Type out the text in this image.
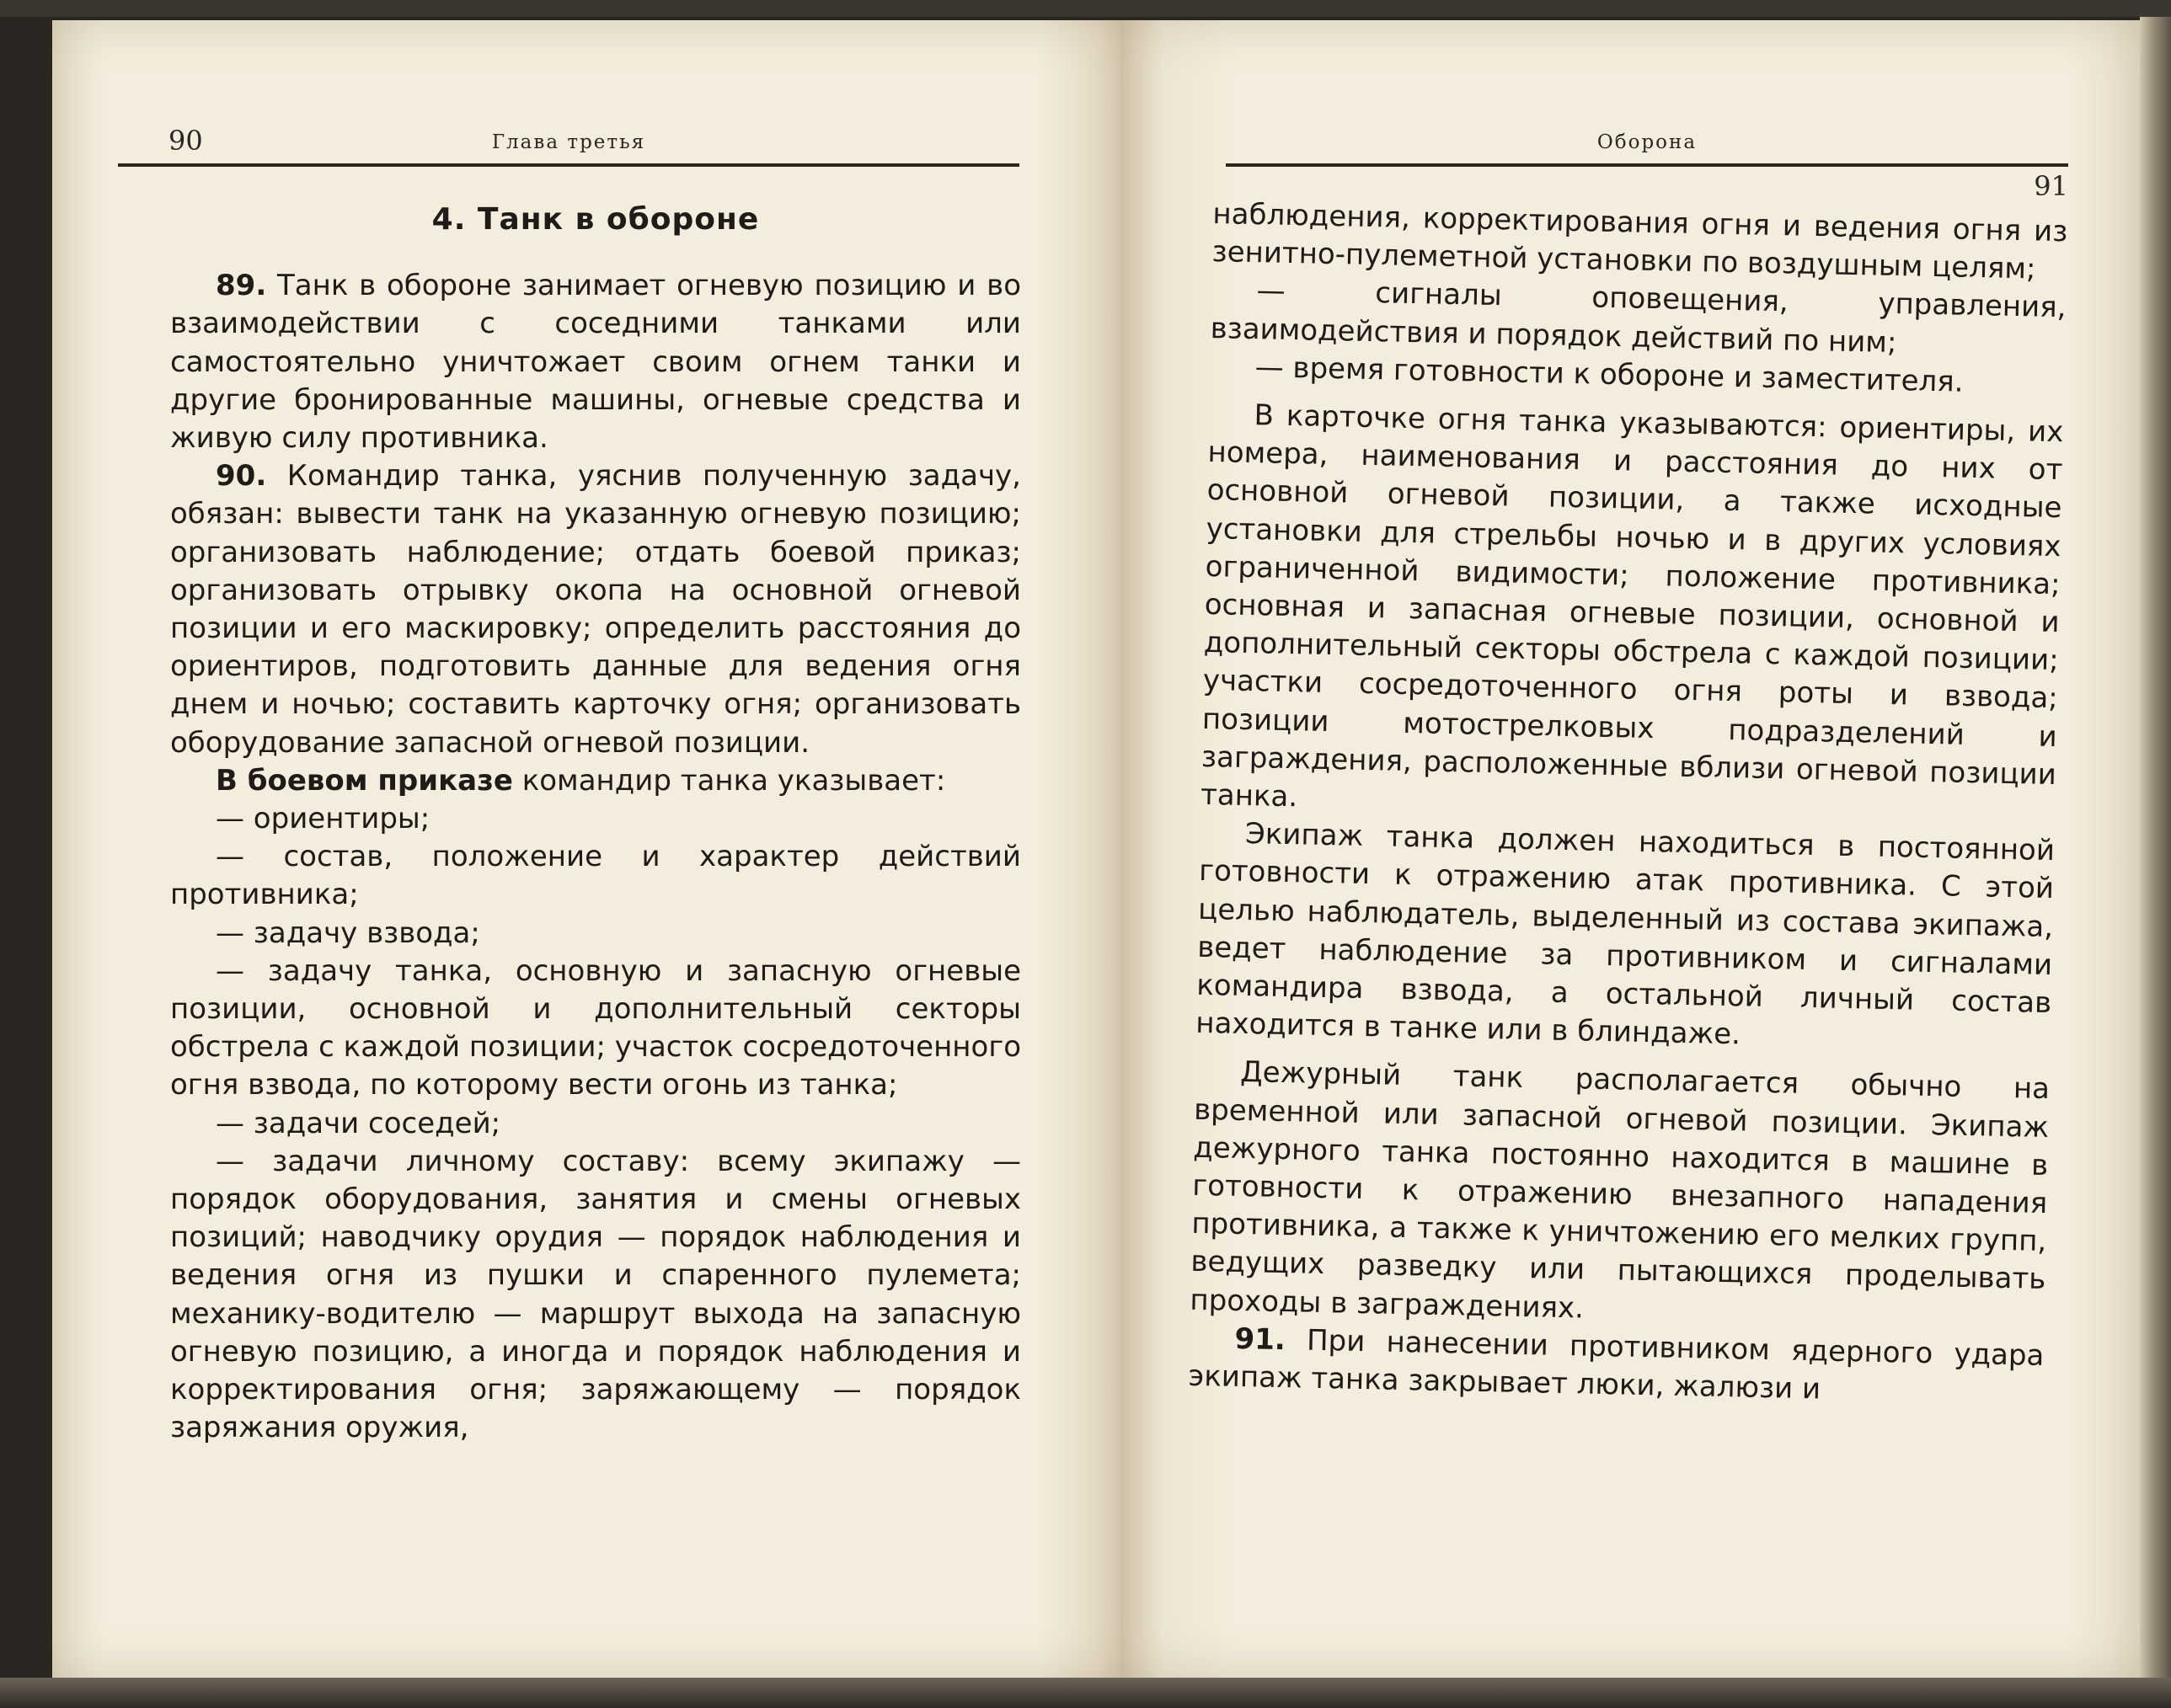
90	Глава третья	Оборона
91

4. Танк в обороне

89. Танк в обороне занимает огневую позицию и во взаимодействии с соседними танками или самостоятельно уничтожает своим огнем танки и другие бронированные машины, огневые средства и живую силу противника.

90. Командир танка, уяснив полученную задачу, обязан: вывести танк на указанную огневую позицию; организовать наблюдение; отдать боевой приказ; организовать отрывку окопа на основной огневой позиции и его маскировку; определить расстояния до ориентиров, подготовить данные для ведения огня днем и ночью; составить карточку огня; организовать оборудование запасной огневой позиции.

В боевом приказе командир танка указывает:

— ориентиры;

— состав, положение и характер действий противника;

— задачу взвода;

— задачу танка, основную и запасную огневые позиции, основной и дополнительный секторы обстрела с каждой позиции; участок сосредоточенного огня взвода, по которому вести огонь из танка;

— задачи соседей;

— задачи личному составу: всему экипажу — порядок оборудования, занятия и смены огневых позиций; наводчику орудия — порядок наблюдения и ведения огня из пушки и спаренного пулемета; механику-водителю — маршрут выхода на запасную огневую позицию, а иногда и порядок наблюдения и корректирования огня; заряжающему — порядок заряжания оружия,

наблюдения, корректирования огня и ведения огня из зенитно-пулеметной установки по воздушным целям;

— сигналы оповещения, управления, взаимодействия и порядок действий по ним;

— время готовности к обороне и заместителя.

В карточке огня танка указываются: ориентиры, их номера, наименования и расстояния до них от основной огневой позиции, а также исходные установки для стрельбы ночью и в других условиях ограниченной видимости; положение противника; основная и запасная огневые позиции, основной и дополнительный секторы обстрела с каждой позиции; участки сосредоточенного огня роты и взвода; позиции мотострелковых подразделений и заграждения, расположенные вблизи огневой позиции танка.

Экипаж танка должен находиться в постоянной готовности к отражению атак противника. С этой целью наблюдатель, выделенный из состава экипажа, ведет наблюдение за противником и сигналами командира взвода, а остальной личный состав находится в танке или в блиндаже.

Дежурный танк располагается обычно на временной или запасной огневой позиции. Экипаж дежурного танка постоянно находится в машине в готовности к отражению внезапного нападения противника, а также к уничтожению его мелких групп, ведущих разведку или пытающихся проделывать проходы в заграждениях.

91. При нанесении противником ядерного удара экипаж танка закрывает люки, жалюзи и
